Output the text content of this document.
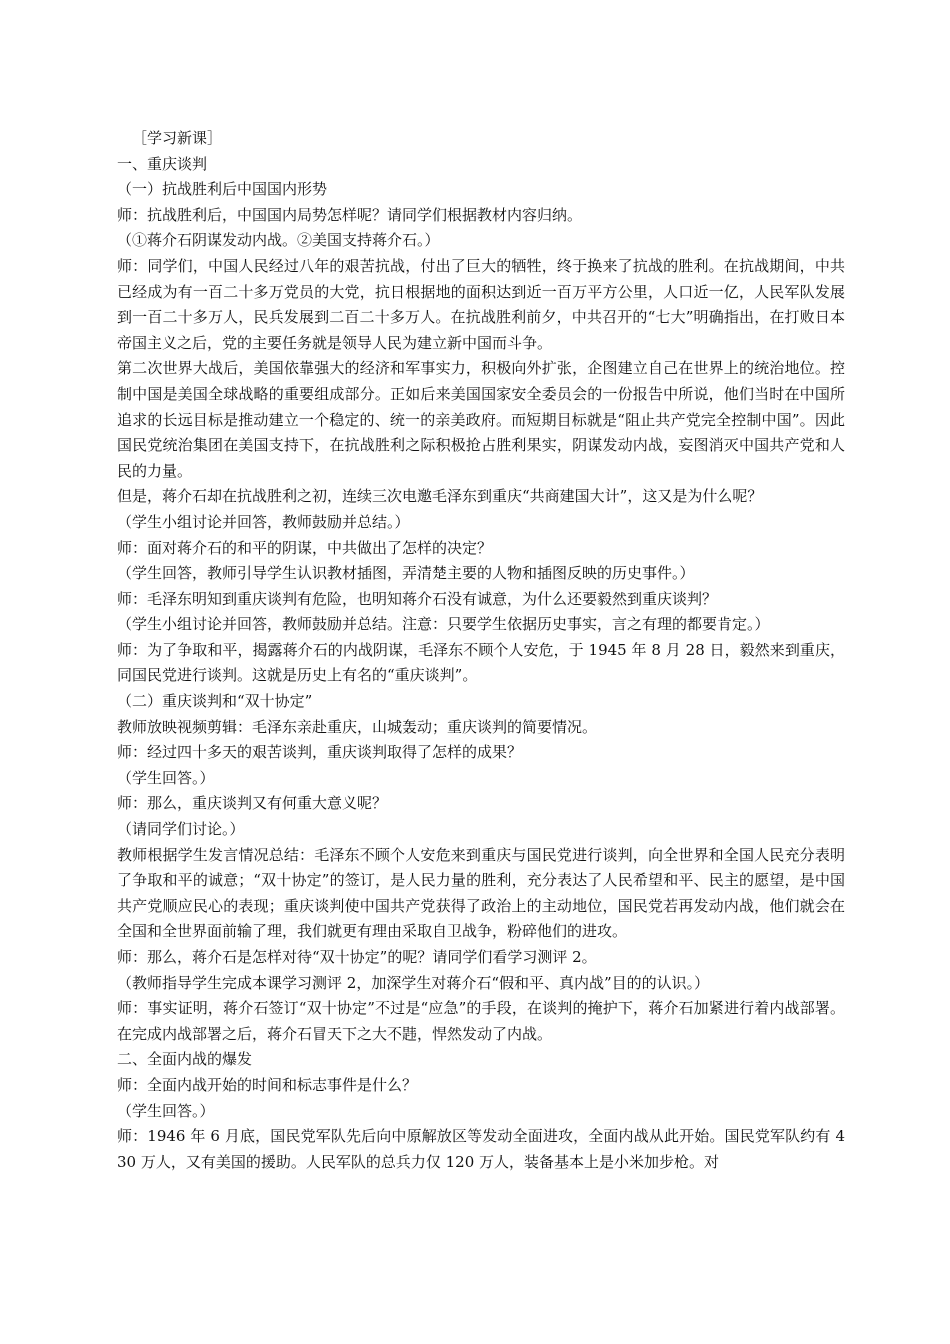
［学习新课］

一、重庆谈判

（一）抗战胜利后中国国内形势

师：抗战胜利后，中国国内局势怎样呢？请同学们根据教材内容归纳。

（①蒋介石阴谋发动内战。②美国支持蒋介石。）

师：同学们，中国人民经过八年的艰苦抗战，付出了巨大的牺牲，终于换来了抗战的胜利。在抗战期间，中共已经成为有一百二十多万党员的大党，抗日根据地的面积达到近一百万平方公里，人口近一亿，人民军队发展到一百二十多万人，民兵发展到二百二十多万人。在抗战胜利前夕，中共召开的“七大”明确指出，在打败日本帝国主义之后，党的主要任务就是领导人民为建立新中国而斗争。

第二次世界大战后，美国依靠强大的经济和军事实力，积极向外扩张，企图建立自己在世界上的统治地位。控制中国是美国全球战略的重要组成部分。正如后来美国国家安全委员会的一份报告中所说，他们当时在中国所追求的长远目标是推动建立一个稳定的、统一的亲美政府。而短期目标就是“阻止共产党完全控制中国”。因此国民党统治集团在美国支持下，在抗战胜利之际积极抢占胜利果实，阴谋发动内战，妄图消灭中国共产党和人民的力量。

但是，蒋介石却在抗战胜利之初，连续三次电邀毛泽东到重庆“共商建国大计”，这又是为什么呢？

（学生小组讨论并回答，教师鼓励并总结。）

师：面对蒋介石的和平的阴谋，中共做出了怎样的决定？

（学生回答，教师引导学生认识教材插图，弄清楚主要的人物和插图反映的历史事件。）

师：毛泽东明知到重庆谈判有危险，也明知蒋介石没有诚意，为什么还要毅然到重庆谈判？

（学生小组讨论并回答，教师鼓励并总结。注意：只要学生依据历史事实，言之有理的都要肯定。）

师：为了争取和平，揭露蒋介石的内战阴谋，毛泽东不顾个人安危，于 1945 年 8 月 28 日，毅然来到重庆，同国民党进行谈判。这就是历史上有名的“重庆谈判”。

（二）重庆谈判和“双十协定”

教师放映视频剪辑：毛泽东亲赴重庆，山城轰动；重庆谈判的简要情况。

师：经过四十多天的艰苦谈判，重庆谈判取得了怎样的成果？

（学生回答。）

师：那么，重庆谈判又有何重大意义呢？

（请同学们讨论。）

教师根据学生发言情况总结：毛泽东不顾个人安危来到重庆与国民党进行谈判，向全世界和全国人民充分表明了争取和平的诚意；“双十协定”的签订，是人民力量的胜利，充分表达了人民希望和平、民主的愿望，是中国共产党顺应民心的表现；重庆谈判使中国共产党获得了政治上的主动地位，国民党若再发动内战，他们就会在全国和全世界面前输了理，我们就更有理由采取自卫战争，粉碎他们的进攻。

师：那么，蒋介石是怎样对待“双十协定”的呢？请同学们看学习测评 2。

（教师指导学生完成本课学习测评 2，加深学生对蒋介石“假和平、真内战”目的的认识。）

师：事实证明，蒋介石签订“双十协定”不过是“应急”的手段，在谈判的掩护下，蒋介石加紧进行着内战部署。在完成内战部署之后，蒋介石冒天下之大不韪，悍然发动了内战。

二、全面内战的爆发

师：全面内战开始的时间和标志事件是什么？

（学生回答。）

师：1946 年 6 月底，国民党军队先后向中原解放区等发动全面进攻，全面内战从此开始。国民党军队约有 430 万人，又有美国的援助。人民军队的总兵力仅 120 万人，装备基本上是小米加步枪。对
